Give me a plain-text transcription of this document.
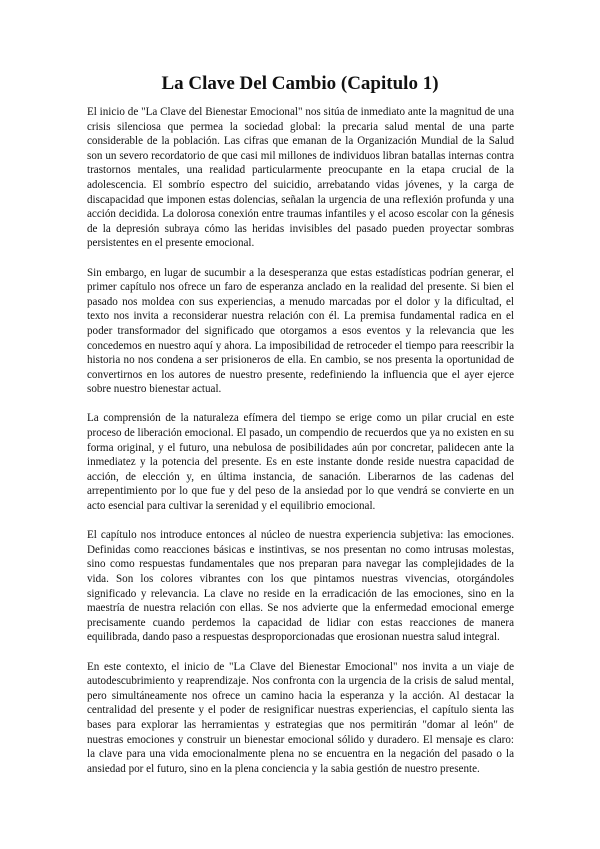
La Clave Del Cambio (Capitulo 1)

El inicio de "La Clave del Bienestar Emocional" nos sitúa de inmediato ante la magnitud de una crisis silenciosa que permea la sociedad global: la precaria salud mental de una parte considerable de la población. Las cifras que emanan de la Organización Mundial de la Salud son un severo recordatorio de que casi mil millones de individuos libran batallas internas contra trastornos mentales, una realidad particularmente preocupante en la etapa crucial de la adolescencia. El sombrío espectro del suicidio, arrebatando vidas jóvenes, y la carga de discapacidad que imponen estas dolencias, señalan la urgencia de una reflexión profunda y una acción decidida. La dolorosa conexión entre traumas infantiles y el acoso escolar con la génesis de la depresión subraya cómo las heridas invisibles del pasado pueden proyectar sombras persistentes en el presente emocional.

Sin embargo, en lugar de sucumbir a la desesperanza que estas estadísticas podrían generar, el primer capítulo nos ofrece un faro de esperanza anclado en la realidad del presente. Si bien el pasado nos moldea con sus experiencias, a menudo marcadas por el dolor y la dificultad, el texto nos invita a reconsiderar nuestra relación con él. La premisa fundamental radica en el poder transformador del significado que otorgamos a esos eventos y la relevancia que les concedemos en nuestro aquí y ahora. La imposibilidad de retroceder el tiempo para reescribir la historia no nos condena a ser prisioneros de ella. En cambio, se nos presenta la oportunidad de convertirnos en los autores de nuestro presente, redefiniendo la influencia que el ayer ejerce sobre nuestro bienestar actual.

La comprensión de la naturaleza efímera del tiempo se erige como un pilar crucial en este proceso de liberación emocional. El pasado, un compendio de recuerdos que ya no existen en su forma original, y el futuro, una nebulosa de posibilidades aún por concretar, palidecen ante la inmediatez y la potencia del presente. Es en este instante donde reside nuestra capacidad de acción, de elección y, en última instancia, de sanación. Liberarnos de las cadenas del arrepentimiento por lo que fue y del peso de la ansiedad por lo que vendrá se convierte en un acto esencial para cultivar la serenidad y el equilibrio emocional.

El capítulo nos introduce entonces al núcleo de nuestra experiencia subjetiva: las emociones. Definidas como reacciones básicas e instintivas, se nos presentan no como intrusas molestas, sino como respuestas fundamentales que nos preparan para navegar las complejidades de la vida. Son los colores vibrantes con los que pintamos nuestras vivencias, otorgándoles significado y relevancia. La clave no reside en la erradicación de las emociones, sino en la maestría de nuestra relación con ellas. Se nos advierte que la enfermedad emocional emerge precisamente cuando perdemos la capacidad de lidiar con estas reacciones de manera equilibrada, dando paso a respuestas desproporcionadas que erosionan nuestra salud integral.

En este contexto, el inicio de "La Clave del Bienestar Emocional" nos invita a un viaje de autodescubrimiento y reaprendizaje. Nos confronta con la urgencia de la crisis de salud mental, pero simultáneamente nos ofrece un camino hacia la esperanza y la acción. Al destacar la centralidad del presente y el poder de resignificar nuestras experiencias, el capítulo sienta las bases para explorar las herramientas y estrategias que nos permitirán "domar al león" de nuestras emociones y construir un bienestar emocional sólido y duradero. El mensaje es claro: la clave para una vida emocionalmente plena no se encuentra en la negación del pasado o la ansiedad por el futuro, sino en la plena conciencia y la sabia gestión de nuestro presente.
